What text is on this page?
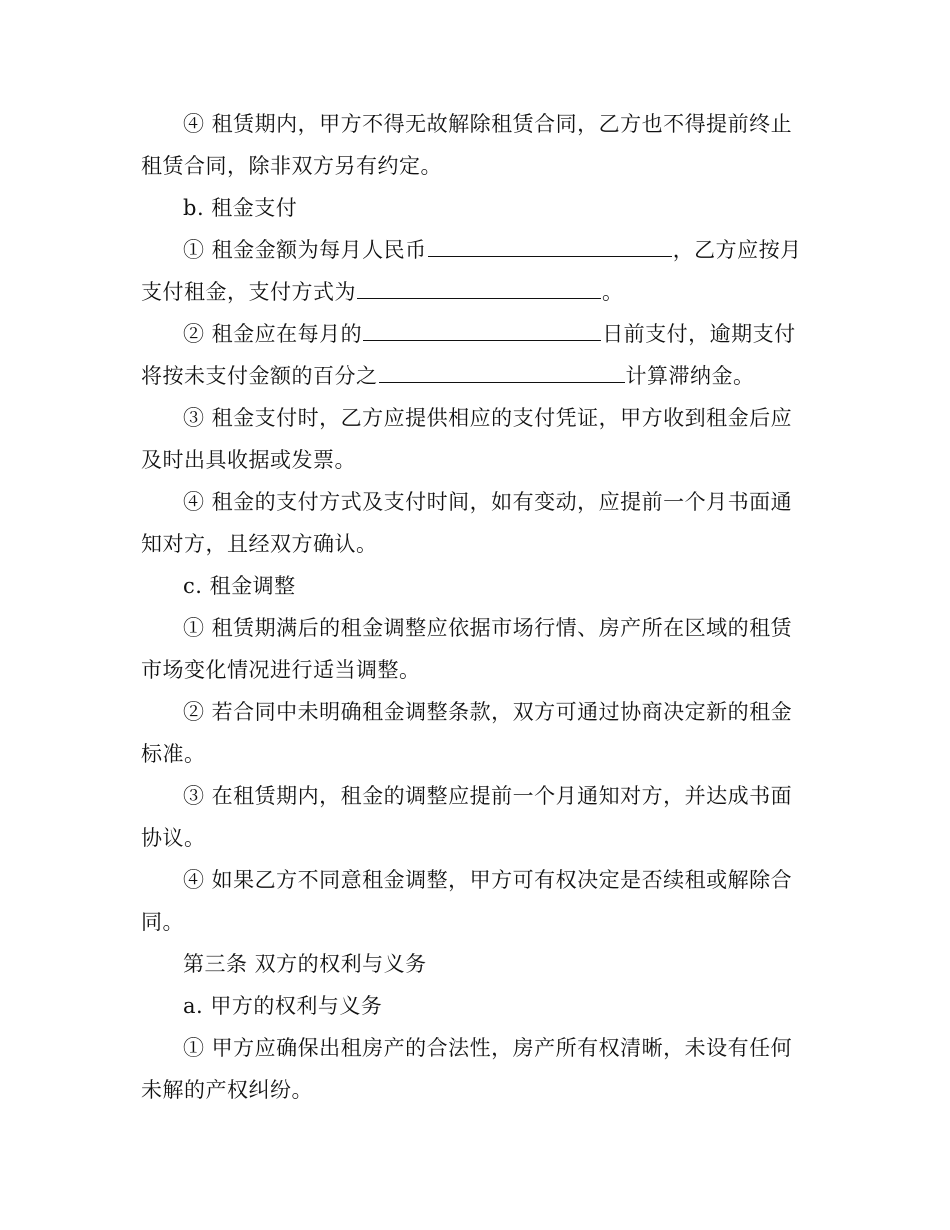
④ 租赁期内，甲方不得无故解除租赁合同，乙方也不得提前终止租赁合同，除非双方另有约定。

b. 租金支付

① 租金金额为每月人民币	，乙方应按月支付租金，支付方式为	。

② 租金应在每月的	日前支付，逾期支付将按未支付金额的百分之	计算滞纳金。

③ 租金支付时，乙方应提供相应的支付凭证，甲方收到租金后应及时出具收据或发票。

④ 租金的支付方式及支付时间，如有变动，应提前一个月书面通知对方，且经双方确认。

c. 租金调整

① 租赁期满后的租金调整应依据市场行情、房产所在区域的租赁市场变化情况进行适当调整。

② 若合同中未明确租金调整条款，双方可通过协商决定新的租金标准。

③ 在租赁期内，租金的调整应提前一个月通知对方，并达成书面协议。

④ 如果乙方不同意租金调整，甲方可有权决定是否续租或解除合同。

第三条 双方的权利与义务

a. 甲方的权利与义务

① 甲方应确保出租房产的合法性，房产所有权清晰，未设有任何未解的产权纠纷。
